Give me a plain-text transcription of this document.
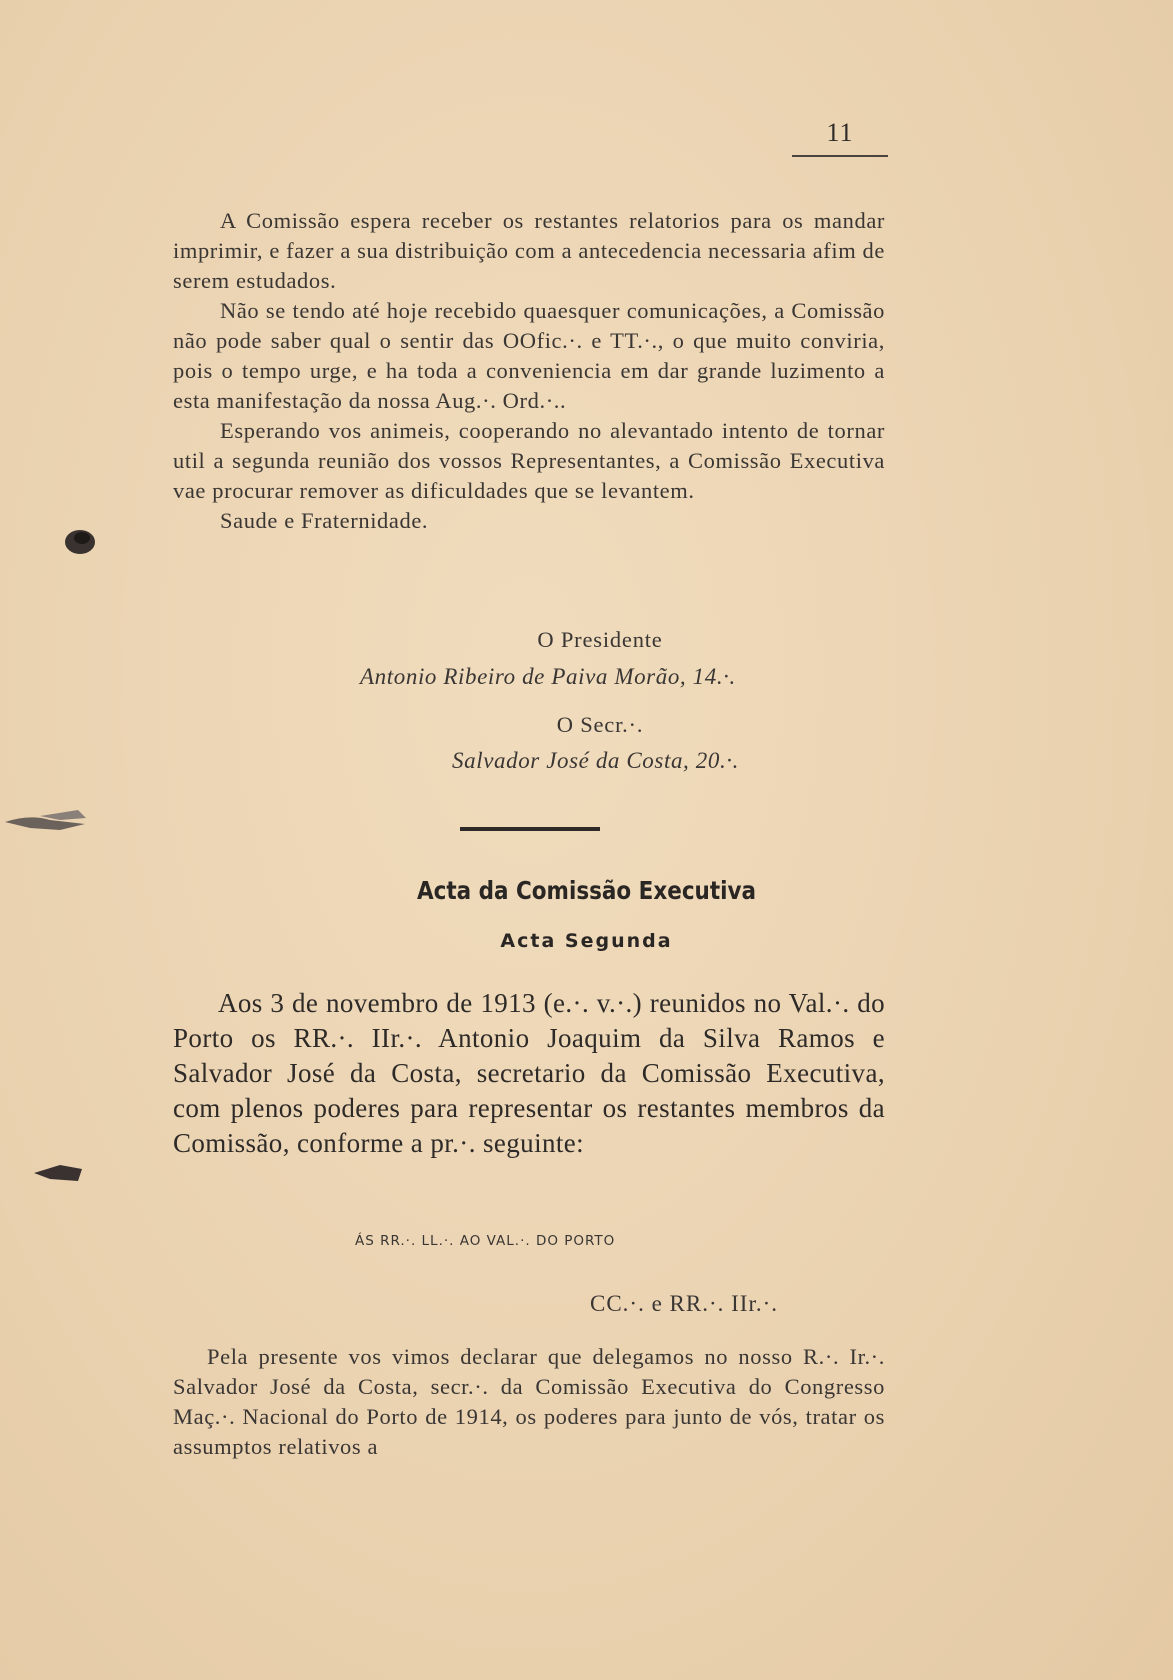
11

A Comissão espera receber os restantes relatorios para os mandar imprimir, e fazer a sua distribuição com a antecedencia necessaria afim de serem estudados.

Não se tendo até hoje recebido quaesquer comunicações, a Comissão não pode saber qual o sentir das OOfic.·. e TT.·., o que muito conviria, pois o tempo urge, e ha toda a conveniencia em dar grande luzimento a esta manifestação da nossa Aug.·. Ord.·..

Esperando vos animeis, cooperando no alevantado intento de tornar util a segunda reunião dos vossos Representantes, a Comissão Executiva vae procurar remover as dificuldades que se levantem.

Saude e Fraternidade.

O Presidente
Antonio Ribeiro de Paiva Morão, 14.·.
O Secr.·.
Salvador José da Costa, 20.·.
Acta da Comissão Executiva
Acta Segunda

Aos 3 de novembro de 1913 (e.·. v.·.) reunidos no Val.·. do Porto os RR.·. IIr.·. Antonio Joaquim da Silva Ramos e Salvador José da Costa, secretario da Comissão Executiva, com plenos poderes para representar os restantes membros da Comissão, conforme a pr.·. seguinte:

ÁS RR.·. LL.·. AO VAL.·. DO PORTO
CC.·. e RR.·. IIr.·.

Pela presente vos vimos declarar que delegamos no nosso R.·. Ir.·. Salvador José da Costa, secr.·. da Comissão Executiva do Congresso Maç.·. Nacional do Porto de 1914, os poderes para junto de vós, tratar os assumptos relativos a
